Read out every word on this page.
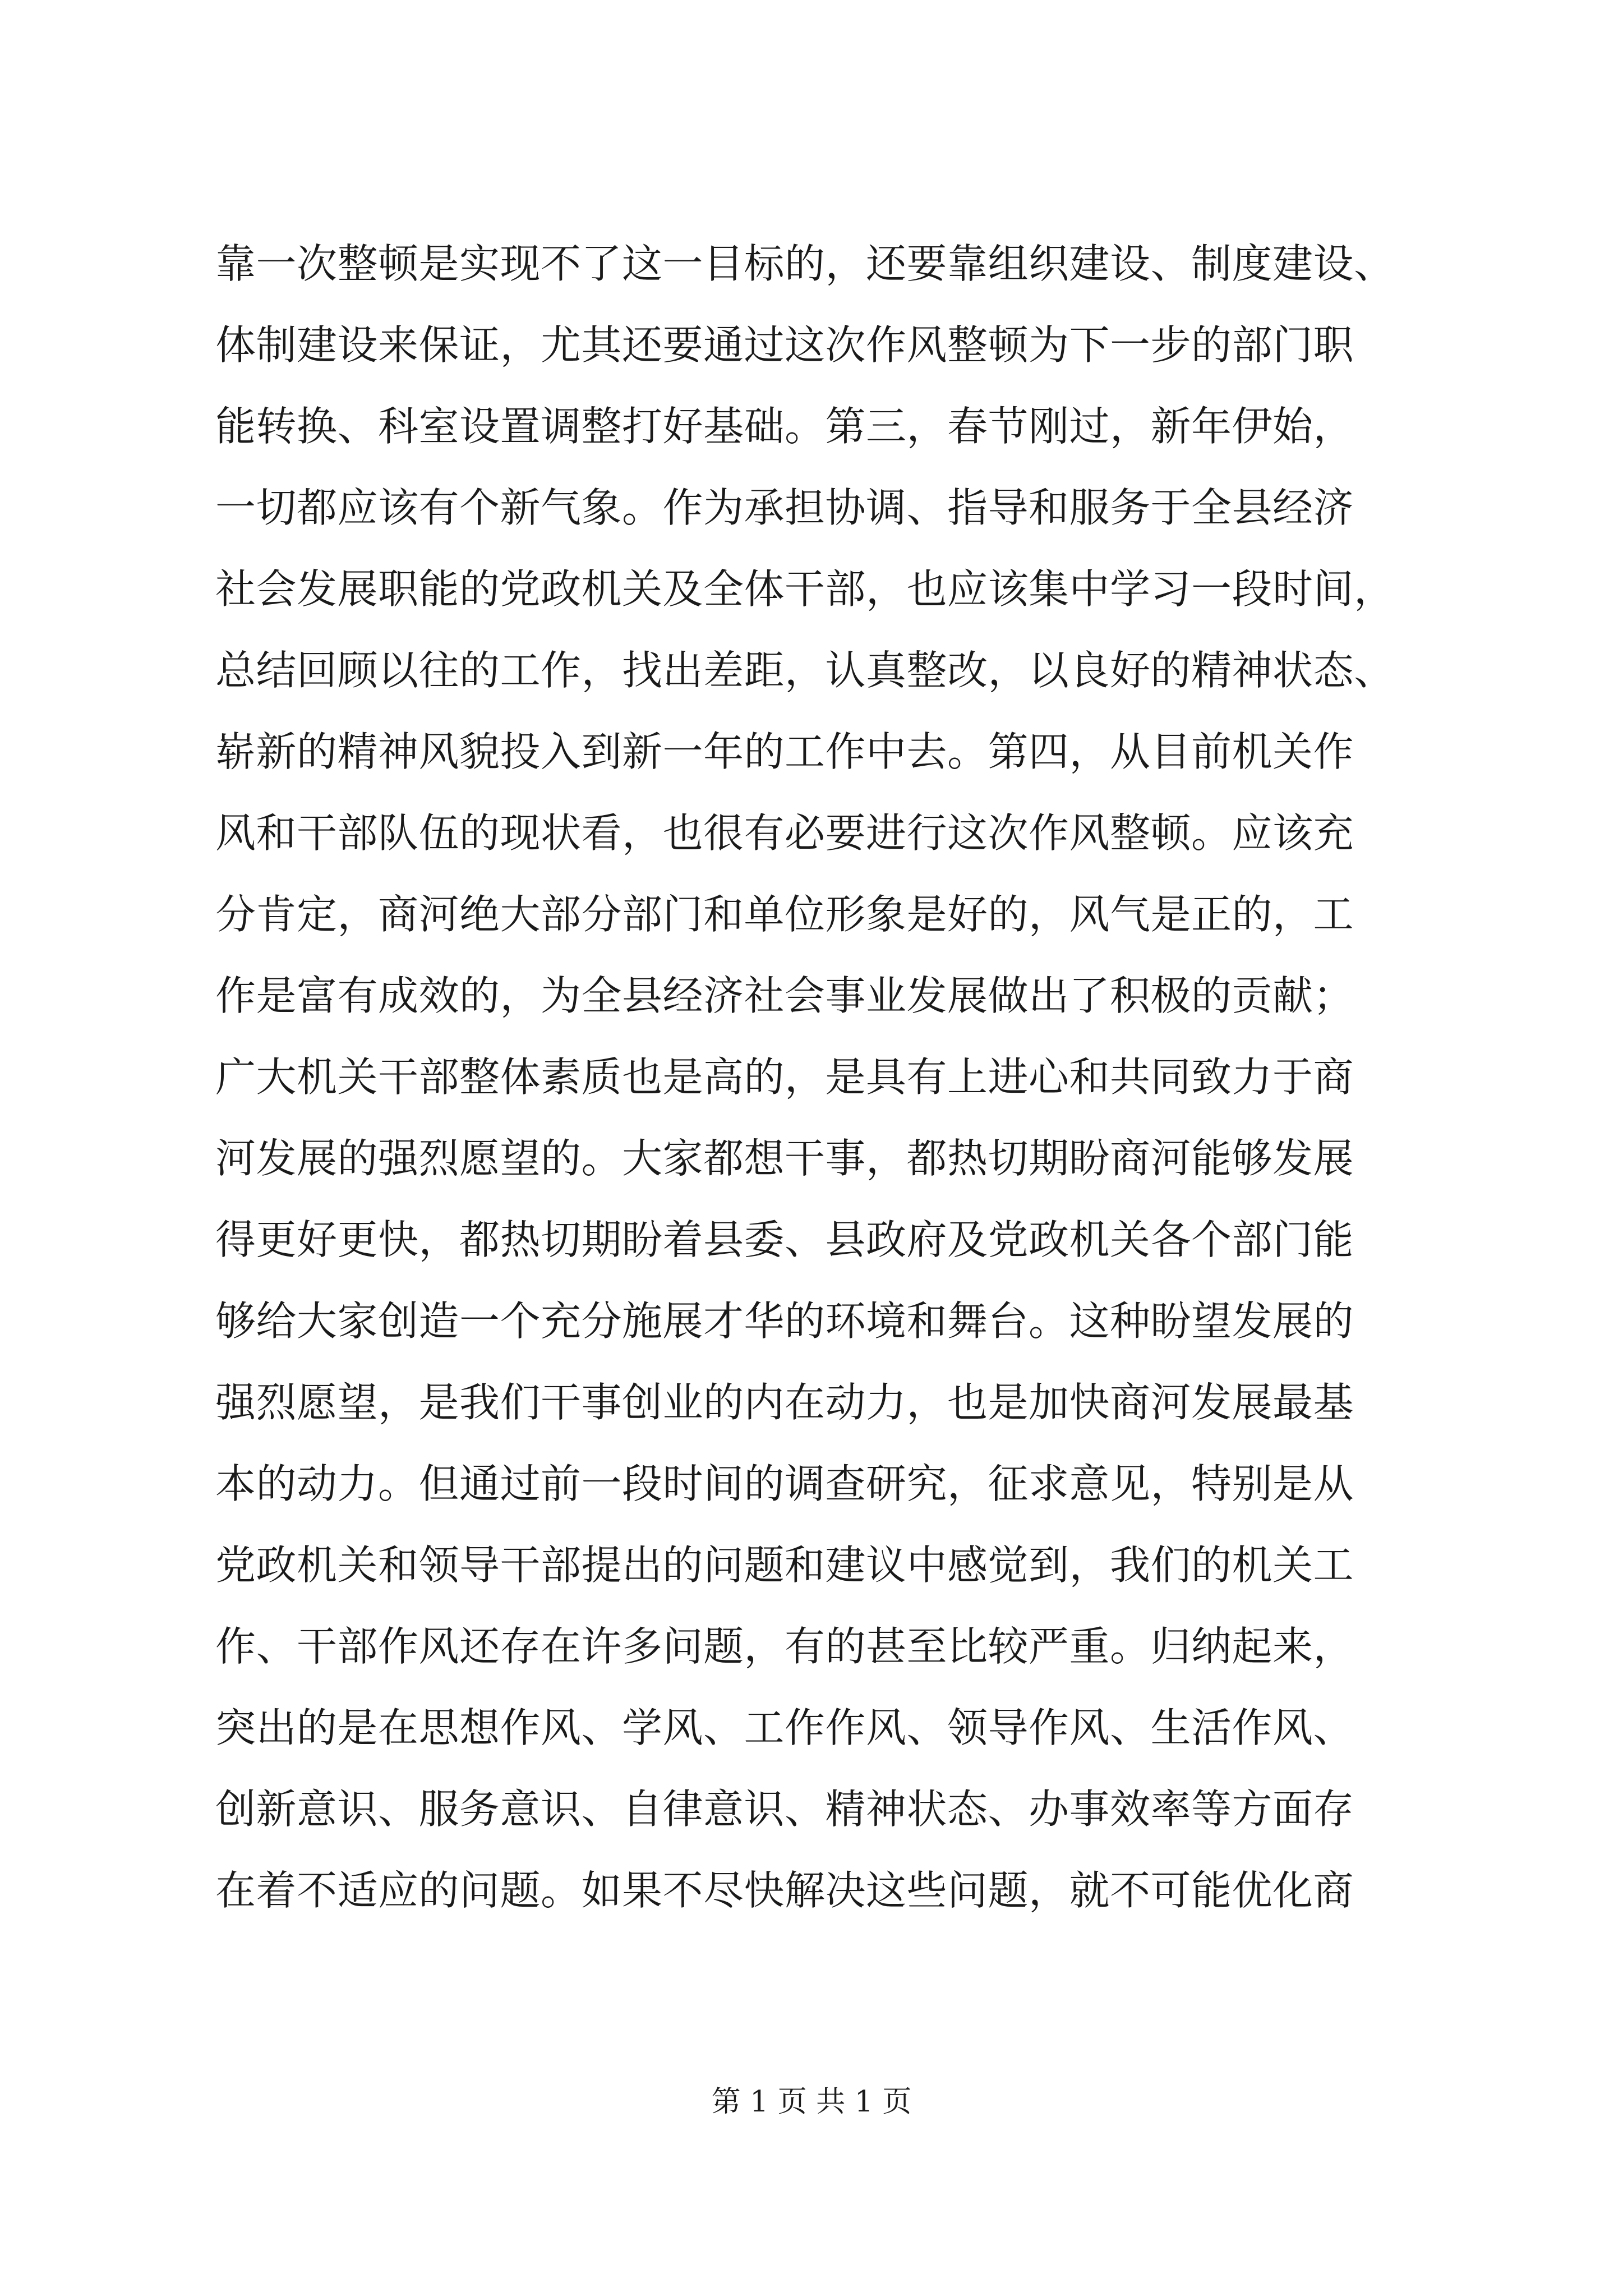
靠一次整顿是实现不了这一目标的，还要靠组织建设、制度建设、
体制建设来保证，尤其还要通过这次作风整顿为下一步的部门职
能转换、科室设置调整打好基础。第三，春节刚过，新年伊始，
一切都应该有个新气象。作为承担协调、指导和服务于全县经济
社会发展职能的党政机关及全体干部，也应该集中学习一段时间，
总结回顾以往的工作，找出差距，认真整改，以良好的精神状态、
崭新的精神风貌投入到新一年的工作中去。第四，从目前机关作
风和干部队伍的现状看，也很有必要进行这次作风整顿。应该充
分肯定，商河绝大部分部门和单位形象是好的，风气是正的，工
作是富有成效的，为全县经济社会事业发展做出了积极的贡献；
广大机关干部整体素质也是高的，是具有上进心和共同致力于商
河发展的强烈愿望的。大家都想干事，都热切期盼商河能够发展
得更好更快，都热切期盼着县委、县政府及党政机关各个部门能
够给大家创造一个充分施展才华的环境和舞台。这种盼望发展的
强烈愿望，是我们干事创业的内在动力，也是加快商河发展最基
本的动力。但通过前一段时间的调查研究，征求意见，特别是从
党政机关和领导干部提出的问题和建议中感觉到，我们的机关工
作、干部作风还存在许多问题，有的甚至比较严重。归纳起来，
突出的是在思想作风、学风、工作作风、领导作风、生活作风、
创新意识、服务意识、自律意识、精神状态、办事效率等方面存
在着不适应的问题。如果不尽快解决这些问题，就不可能优化商
第 1 页 共 1 页
